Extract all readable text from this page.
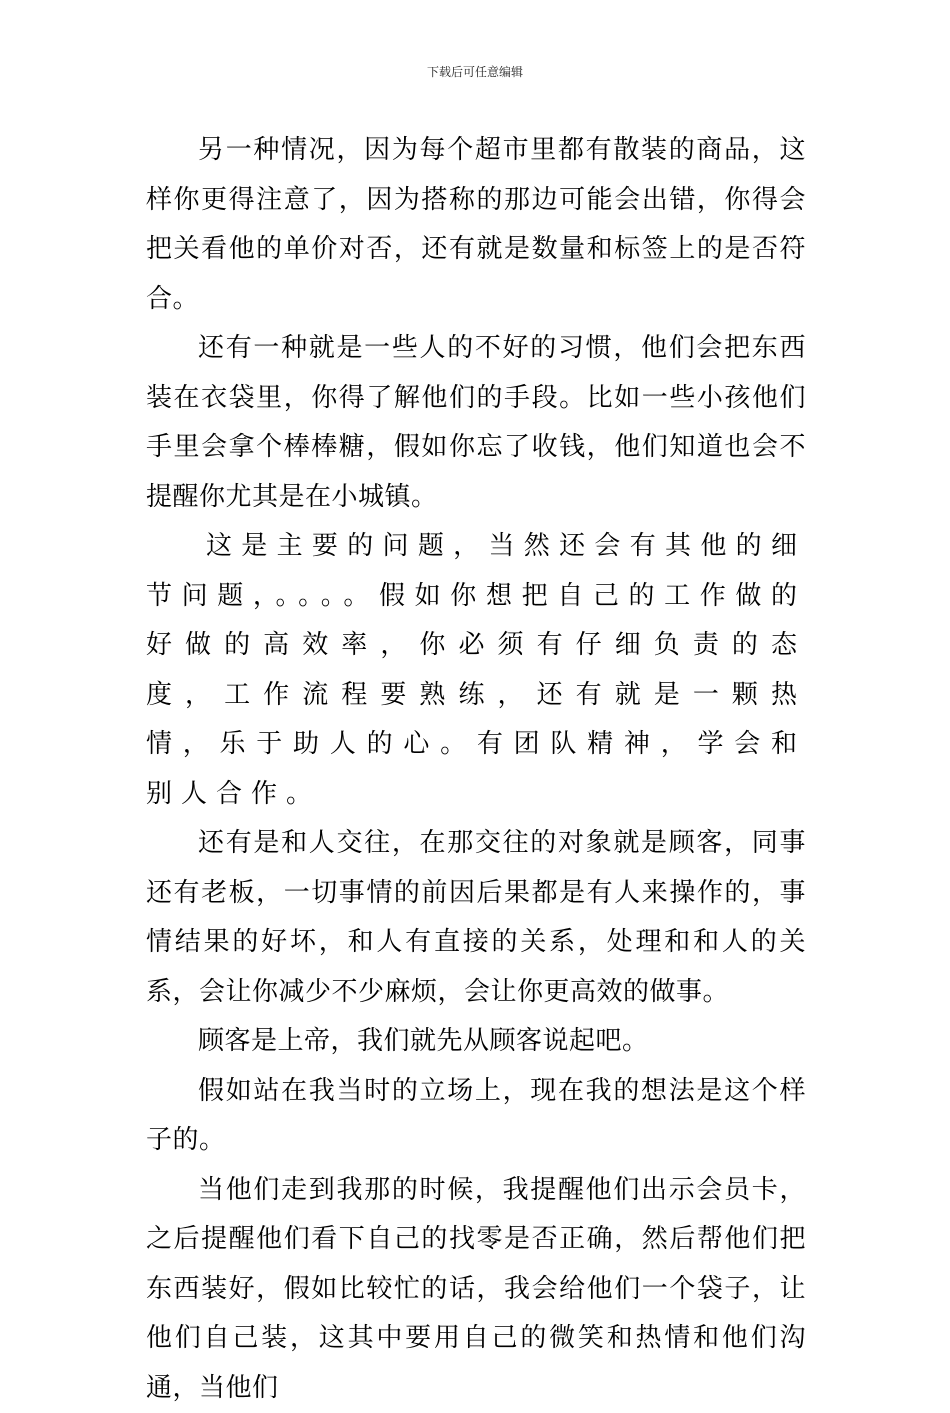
下载后可任意编辑

另一种情况，因为每个超市里都有散装的商品，这样你更得注意了，因为搭称的那边可能会出错，你得会把关看他的单价对否，还有就是数量和标签上的是否符合。

还有一种就是一些人的不好的习惯，他们会把东西装在衣袋里，你得了解他们的手段。比如一些小孩他们手里会拿个棒棒糖，假如你忘了收钱，他们知道也会不提醒你尤其是在小城镇。

这是主要的问题，当然还会有其他的细节问题，。。。。假如你想把自己的工作做的好做的高效率，你必须有仔细负责的态度，工作流程要熟练，还有就是一颗热情，乐于助人的心。有团队精神，学会和别人合作。

还有是和人交往，在那交往的对象就是顾客，同事还有老板，一切事情的前因后果都是有人来操作的，事情结果的好坏，和人有直接的关系，处理和和人的关系，会让你减少不少麻烦，会让你更高效的做事。

顾客是上帝，我们就先从顾客说起吧。

假如站在我当时的立场上，现在我的想法是这个样子的。

当他们走到我那的时候，我提醒他们出示会员卡，之后提醒他们看下自己的找零是否正确，然后帮他们把东西装好，假如比较忙的话，我会给他们一个袋子，让他们自己装，这其中要用自己的微笑和热情和他们沟通，当他们
